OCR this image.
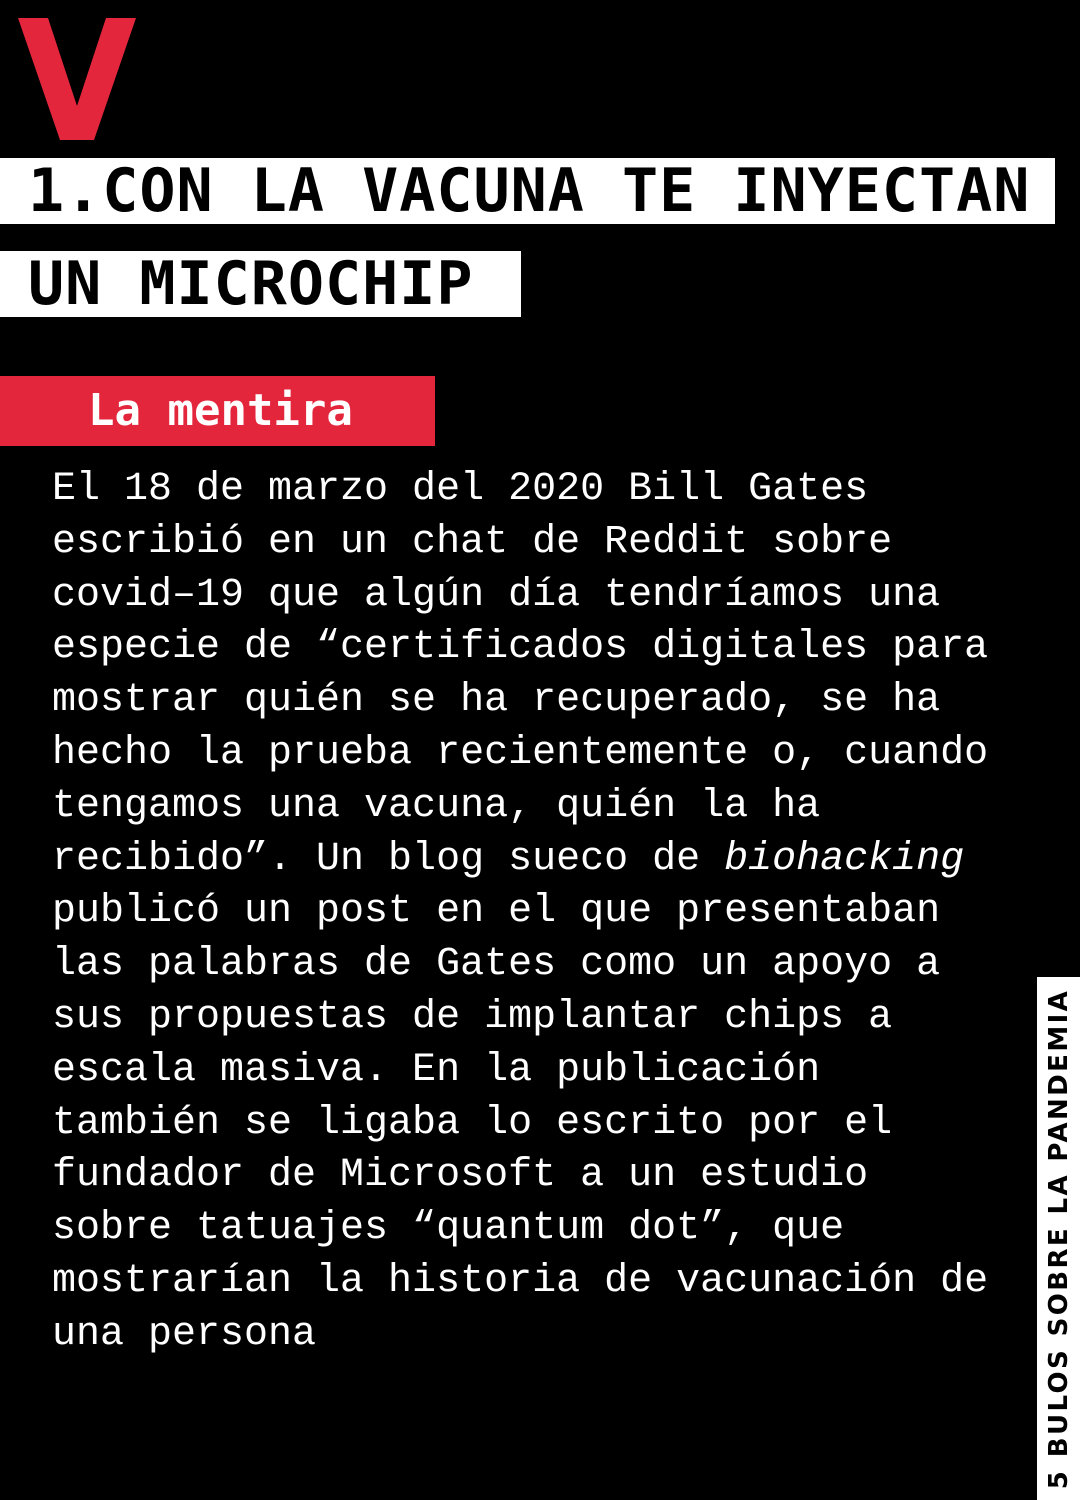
1.CON LA VACUNA TE INYECTAN
UN MICROCHIP
La mentira
El 18 de marzo del 2020 Bill Gates
escribió en un chat de Reddit sobre
covid–19 que algún día tendríamos una
especie de “certificados digitales para
mostrar quién se ha recuperado, se ha
hecho la prueba recientemente o, cuando
tengamos una vacuna, quién la ha
recibido”. Un blog sueco de biohacking
publicó un post en el que presentaban
las palabras de Gates como un apoyo a
sus propuestas de implantar chips a
escala masiva. En la publicación
también se ligaba lo escrito por el
fundador de Microsoft a un estudio
sobre tatuajes “quantum dot”, que
mostrarían la historia de vacunación de
una persona	5 BULOS SOBRE LA PANDEMIA
